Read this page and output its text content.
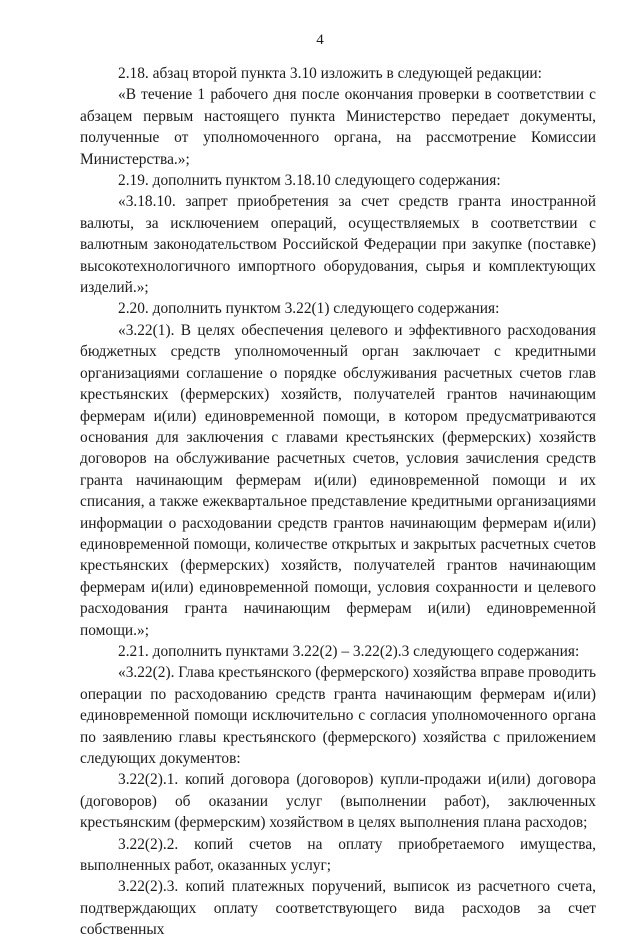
4

2.18. абзац второй пункта 3.10 изложить в следующей редакции:

«В течение 1 рабочего дня после окончания проверки в соответствии с абзацем первым настоящего пункта Министерство передает документы, полученные от уполномоченного органа, на рассмотрение Комиссии Министерства.»;

2.19. дополнить пунктом 3.18.10 следующего содержания:

«3.18.10. запрет приобретения за счет средств гранта иностранной валюты, за исключением операций, осуществляемых в соответствии с валютным законодательством Российской Федерации при закупке (поставке) высокотехнологичного импортного оборудования, сырья и комплектующих изделий.»;

2.20. дополнить пунктом 3.22(1) следующего содержания:

«3.22(1). В целях обеспечения целевого и эффективного расходования бюджетных средств уполномоченный орган заключает с кредитными организациями соглашение о порядке обслуживания расчетных счетов глав крестьянских (фермерских) хозяйств, получателей грантов начинающим фермерам и(или) единовременной помощи, в котором предусматриваются основания для заключения с главами крестьянских (фермерских) хозяйств договоров на обслуживание расчетных счетов, условия зачисления средств гранта начинающим фермерам и(или) единовременной помощи и их списания, а также ежеквартальное представление кредитными организациями информации о расходовании средств грантов начинающим фермерам и(или) единовременной помощи, количестве открытых и закрытых расчетных счетов крестьянских (фермерских) хозяйств, получателей грантов начинающим фермерам и(или) единовременной помощи, условия сохранности и целевого расходования гранта начинающим фермерам и(или) единовременной помощи.»;

2.21. дополнить пунктами 3.22(2) – 3.22(2).3 следующего содержания:

«3.22(2). Глава крестьянского (фермерского) хозяйства вправе проводить операции по расходованию средств гранта начинающим фермерам и(или) единовременной помощи исключительно с согласия уполномоченного органа по заявлению главы крестьянского (фермерского) хозяйства с приложением следующих документов:

3.22(2).1. копий договора (договоров) купли-продажи и(или) договора (договоров) об оказании услуг (выполнении работ), заключенных крестьянским (фермерским) хозяйством в целях выполнения плана расходов;

3.22(2).2. копий счетов на оплату приобретаемого имущества, выполненных работ, оказанных услуг;

3.22(2).3. копий платежных поручений, выписок из расчетного счета, подтверждающих оплату соответствующего вида расходов за счет собственных
